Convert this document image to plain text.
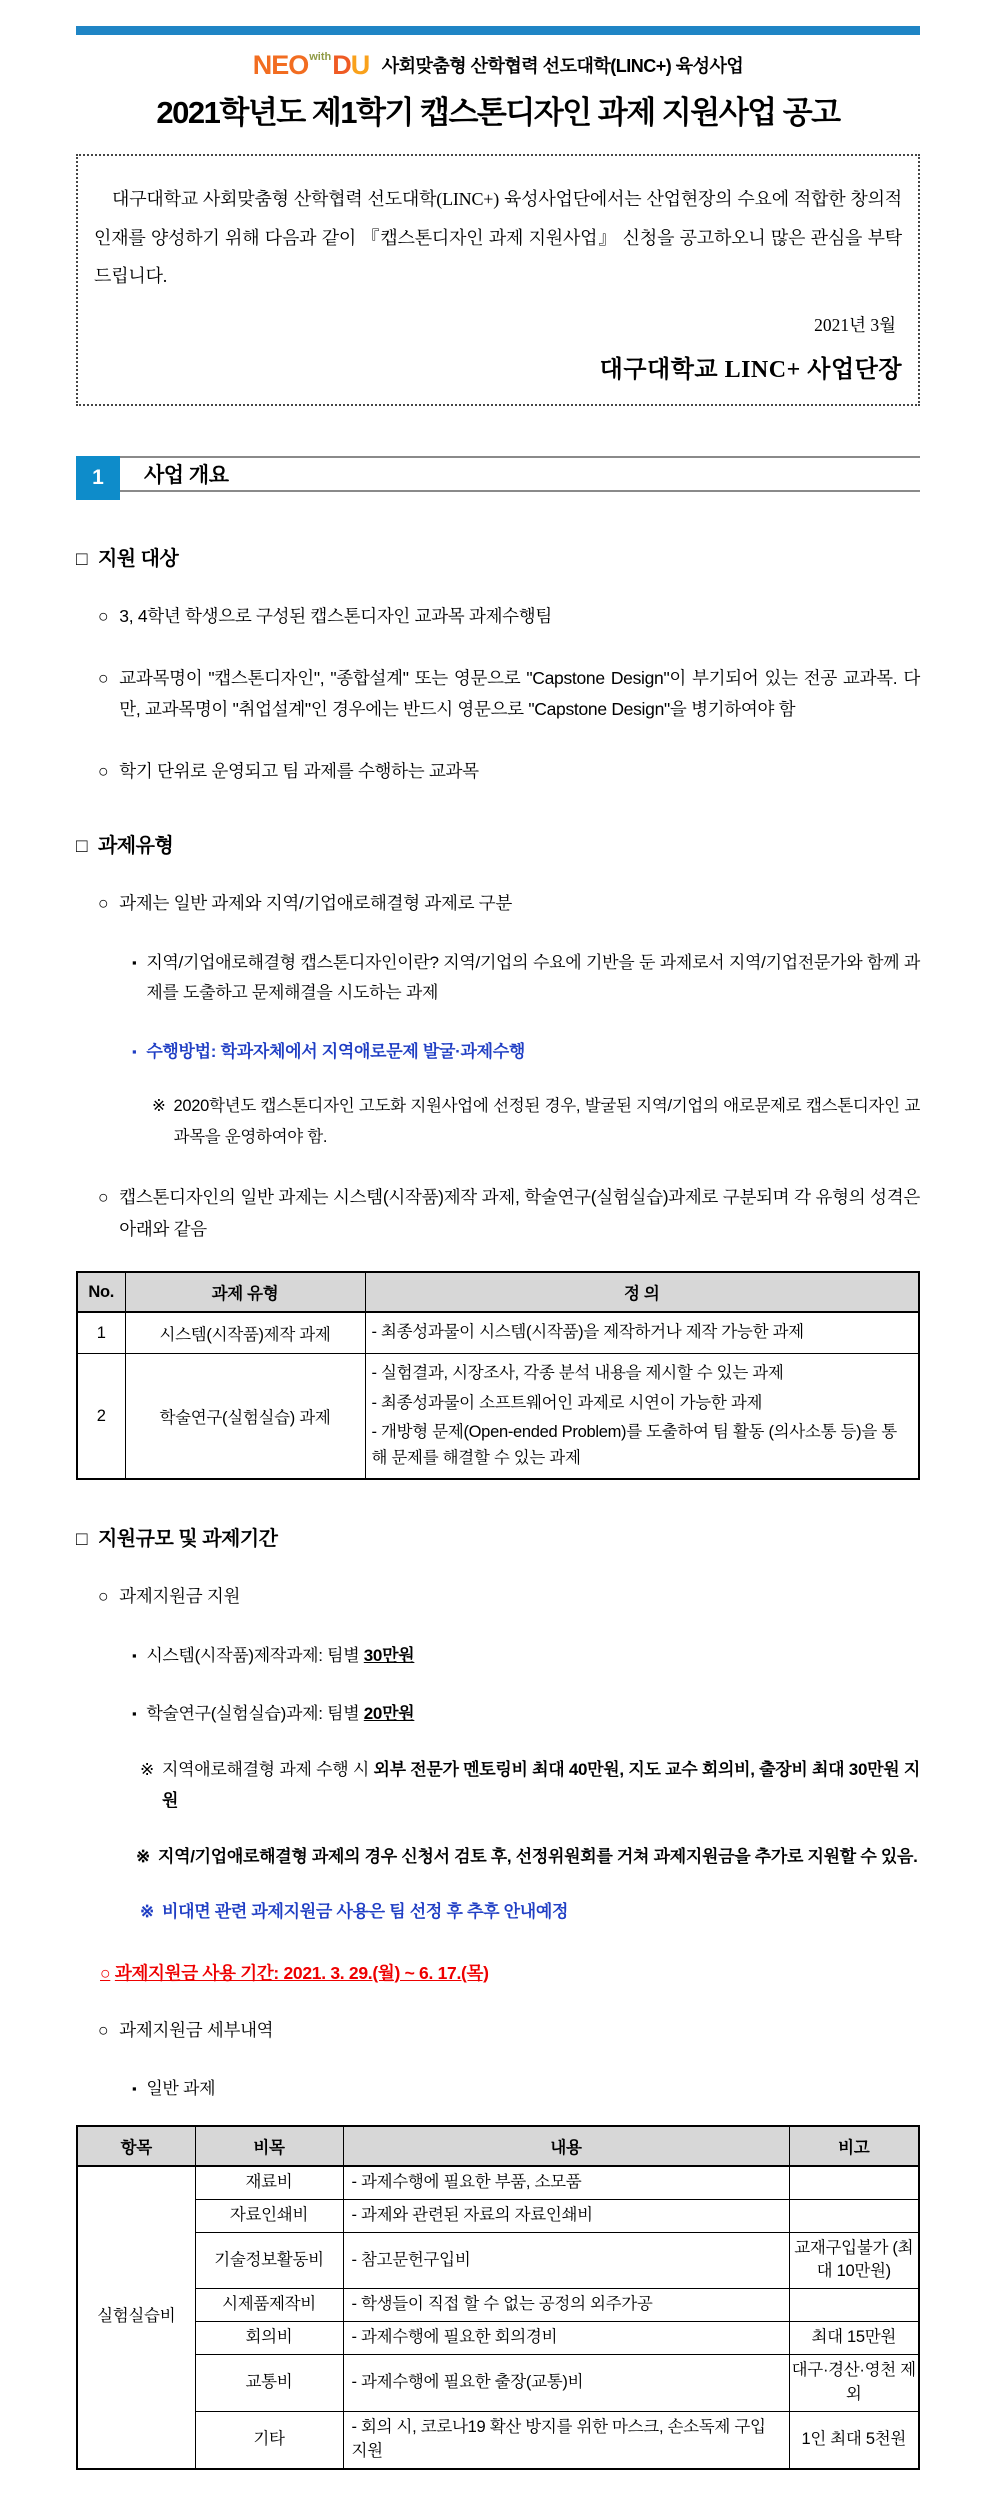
$NEO^{with}DU$ 사회맞춤형 산학협력 선도대학(LINC+) 육성사업
2021학년도 제1학기 캡스톤디자인 과제 지원사업 공고
대구대학교 사회맞춤형 산학협력 선도대학(LINC+) 육성사업단에서는 산업현장의 수요에 적합한 창의적 인재를 양성하기 위해 다음과 같이 『캡스톤디자인 과제 지원사업』 신청을 공고하오니 많은 관심을 부탁드립니다.
2021년 3월
대구대학교 LINC+ 사업단장
1	사업 개요
□ 지원 대상
○ 3, 4학년 학생으로 구성된 캡스톤디자인 교과목 과제수행팀
○ 교과목명이 "캡스톤디자인", "종합설계" 또는 영문으로 "Capstone Design"이 부기되어 있는 전공 교과목. 다만, 교과목명이 "취업설계"인 경우에는 반드시 영문으로 "Capstone Design"을 병기하여야 함
○ 학기 단위로 운영되고 팀 과제를 수행하는 교과목
□ 과제유형
○ 과제는 일반 과제와 지역/기업애로해결형 과제로 구분
▪ 지역/기업애로해결형 캡스톤디자인이란? 지역/기업의 수요에 기반을 둔 과제로서 지역/기업전문가와 함께 과제를 도출하고 문제해결을 시도하는 과제
▪ 수행방법: 학과자체에서 지역애로문제 발굴·과제수행
※ 2020학년도 캡스톤디자인 고도화 지원사업에 선정된 경우, 발굴된 지역/기업의 애로문제로 캡스톤디자인 교과목을 운영하여야 함.
○ 캡스톤디자인의 일반 과제는 시스템(시작품)제작 과제, 학술연구(실험실습)과제로 구분되며 각 유형의 성격은 아래와 같음
No.	과제 유형	정 의
1	시스템(시작품)제작 과제	- 최종성과물이 시스템(시작품)을 제작하거나 제작 가능한 과제

2	학술연구(실험실습) 과제	- 실험결과, 시장조사, 각종 분석 내용을 제시할 수 있는 과제
- 최종성과물이 소프트웨어인 과제로 시연이 가능한 과제
- 개방형 문제(Open-ended Problem)를 도출하여 팀 활동 (의사소통 등)을 통해 문제를 해결할 수 있는 과제
□ 지원규모 및 과제기간
○ 과제지원금 지원
▪ 시스템(시작품)제작과제: 팀별 30만원
▪ 학술연구(실험실습)과제: 팀별 20만원
※ 지역애로해결형 과제 수행 시 외부 전문가 멘토링비 최대 40만원, 지도 교수 회의비, 출장비 최대 30만원 지원
※ 지역/기업애로해결형 과제의 경우 신청서 검토 후, 선정위원회를 거쳐 과제지원금을 추가로 지원할 수 있음.
※ 비대면 관련 과제지원금 사용은 팀 선정 후 추후 안내예정
○ 과제지원금 사용 기간: 2021. 3. 29.(월) ~ 6. 17.(목)
○ 과제지원금 세부내역
▪ 일반 과제
항목	비목	내용	비고
실험실습비	재료비	- 과제수행에 필요한 부품, 소모품	
	자료인쇄비	- 과제와 관련된 자료의 자료인쇄비	
	기술정보활동비	- 참고문헌구입비	교재구입불가 (최대 10만원)
	시제품제작비	- 학생들이 직접 할 수 없는 공정의 외주가공	
	회의비	- 과제수행에 필요한 회의경비	최대 15만원
	교통비	- 과제수행에 필요한 출장(교통)비	대구·경산·영천 제외
	기타	- 회의 시, 코로나19 확산 방지를 위한 마스크, 손소독제 구입 지원	1인 최대 5천원
